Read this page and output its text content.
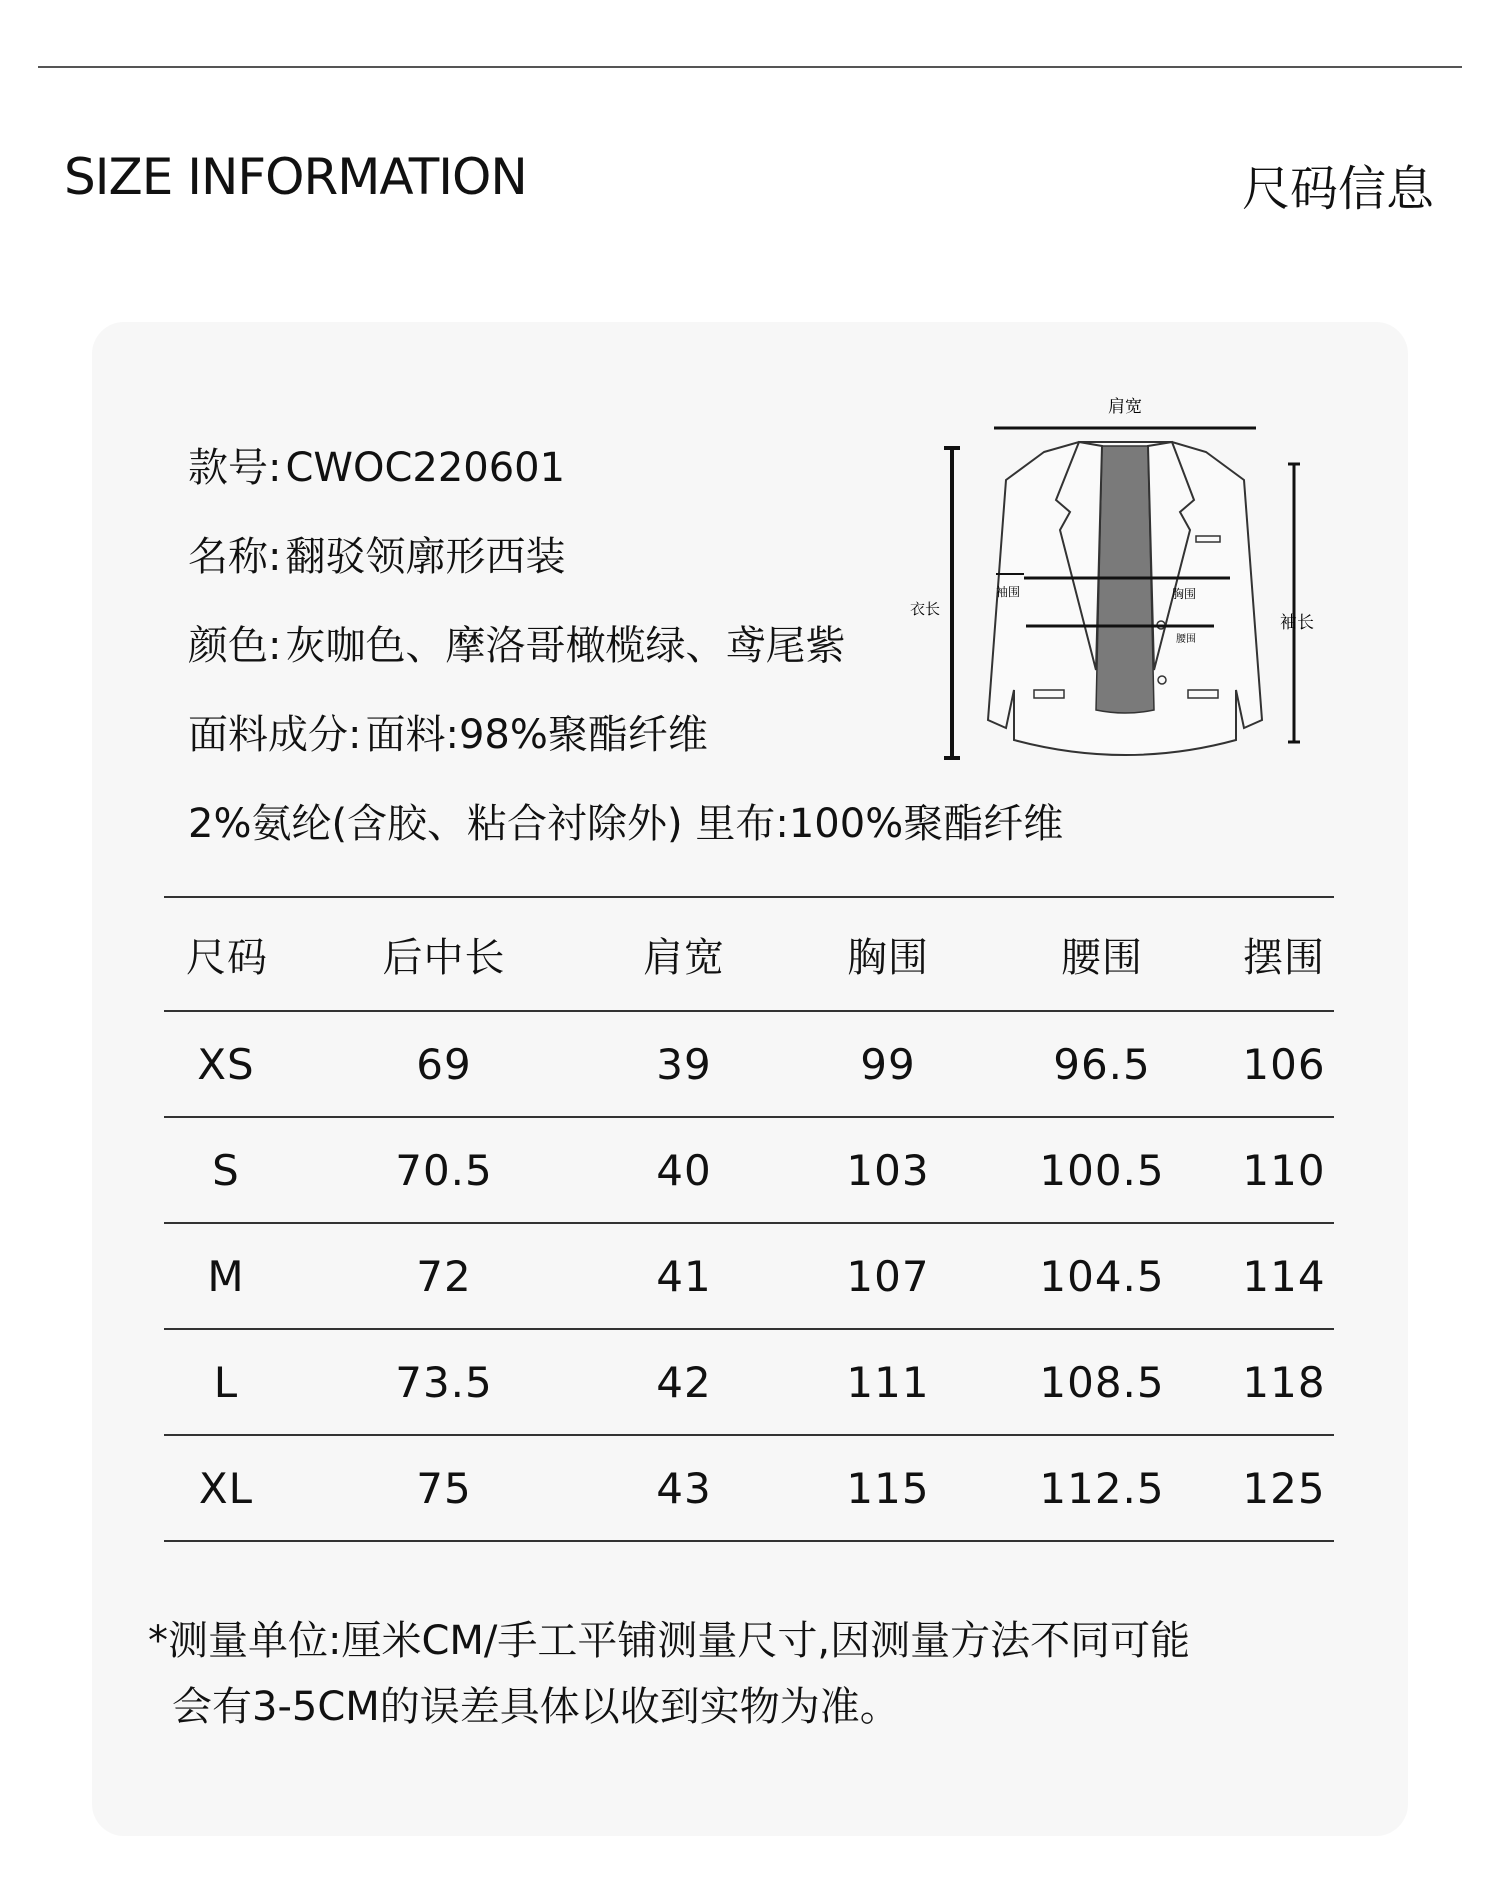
SIZE INFORMATION	尺码信息
款号: CWOC220601
名称: 翻驳领廓形西装
颜色: 灰咖色、摩洛哥橄榄绿、鸢尾紫
面料成分: 面料:98%聚酯纤维
2%氨纶(含胶、粘合衬除外) 里布:100%聚酯纤维
肩宽
衣长
袖长
胸围
腰围
袖围
尺码	后中长	肩宽	胸围	腰围	摆围
XS	69	39	99	96.5	106
S	70.5	40	103	100.5	110
M	72	41	107	104.5	114
L	73.5	42	111	108.5	118
XL	75	43	115	112.5	125
*测量单位:厘米CM/手工平铺测量尺寸,因测量方法不同可能
会有3-5CM的误差具体以收到实物为准。
